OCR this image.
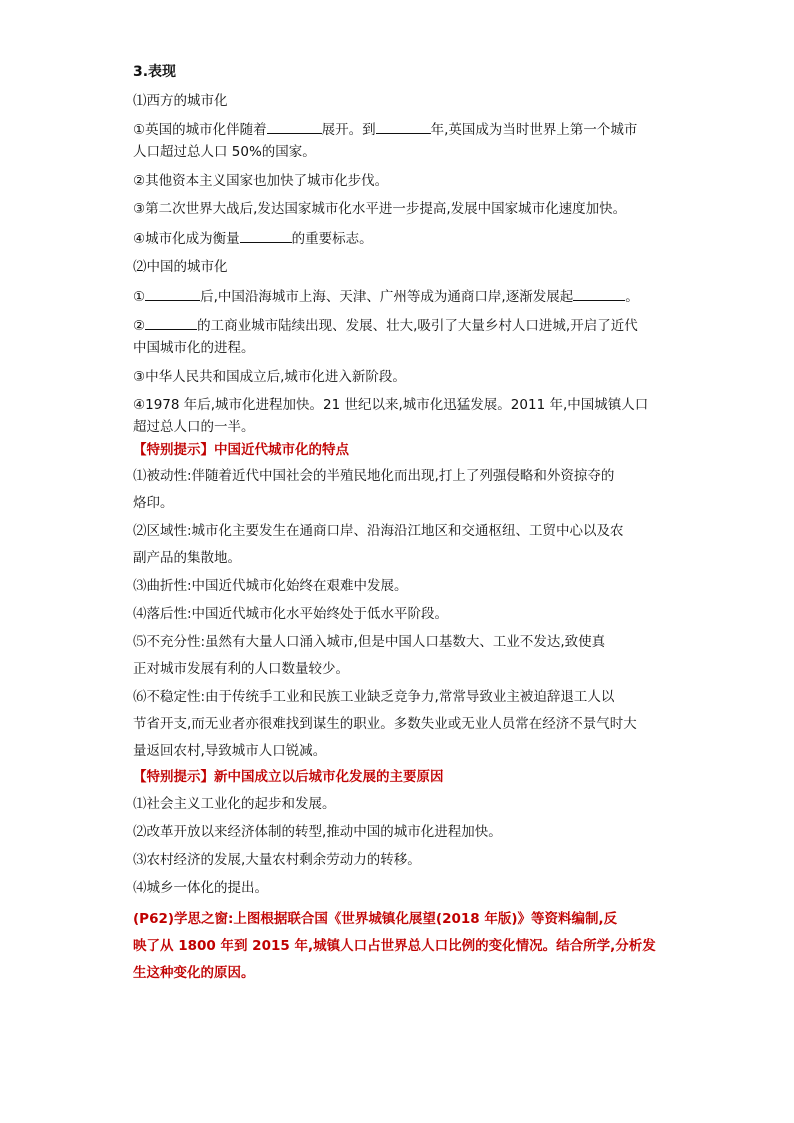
3.表现
⑴西方的城市化
①英国的城市化伴随着	展开。到	年,英国成为当时世界上第一个城市
人口超过总人口 50%的国家。
②其他资本主义国家也加快了城市化步伐。
③第二次世界大战后,发达国家城市化水平进一步提高,发展中国家城市化速度加快。
④城市化成为衡量	的重要标志。
⑵中国的城市化
①	后,中国沿海城市上海、天津、广州等成为通商口岸,逐渐发展起	。
②	的工商业城市陆续出现、发展、壮大,吸引了大量乡村人口进城,开启了近代
中国城市化的进程。
③中华人民共和国成立后,城市化进入新阶段。
④1978 年后,城市化进程加快。21 世纪以来,城市化迅猛发展。2011 年,中国城镇人口
超过总人口的一半。
【特别提示】中国近代城市化的特点
⑴被动性:伴随着近代中国社会的半殖民地化而出现,打上了列强侵略和外资掠夺的
烙印。
⑵区域性:城市化主要发生在通商口岸、沿海沿江地区和交通枢纽、工贸中心以及农
副产品的集散地。
⑶曲折性:中国近代城市化始终在艰难中发展。
⑷落后性:中国近代城市化水平始终处于低水平阶段。
⑸不充分性:虽然有大量人口涌入城市,但是中国人口基数大、工业不发达,致使真
正对城市发展有利的人口数量较少。
⑹不稳定性:由于传统手工业和民族工业缺乏竞争力,常常导致业主被迫辞退工人以
节省开支,而无业者亦很难找到谋生的职业。多数失业或无业人员常在经济不景气时大
量返回农村,导致城市人口锐减。
【特别提示】新中国成立以后城市化发展的主要原因
⑴社会主义工业化的起步和发展。
⑵改革开放以来经济体制的转型,推动中国的城市化进程加快。
⑶农村经济的发展,大量农村剩余劳动力的转移。
⑷城乡一体化的提出。
(P62)学思之窗:上图根据联合国《世界城镇化展望(2018 年版)》等资料编制,反
映了从 1800 年到 2015 年,城镇人口占世界总人口比例的变化情况。结合所学,分析发
生这种变化的原因。
